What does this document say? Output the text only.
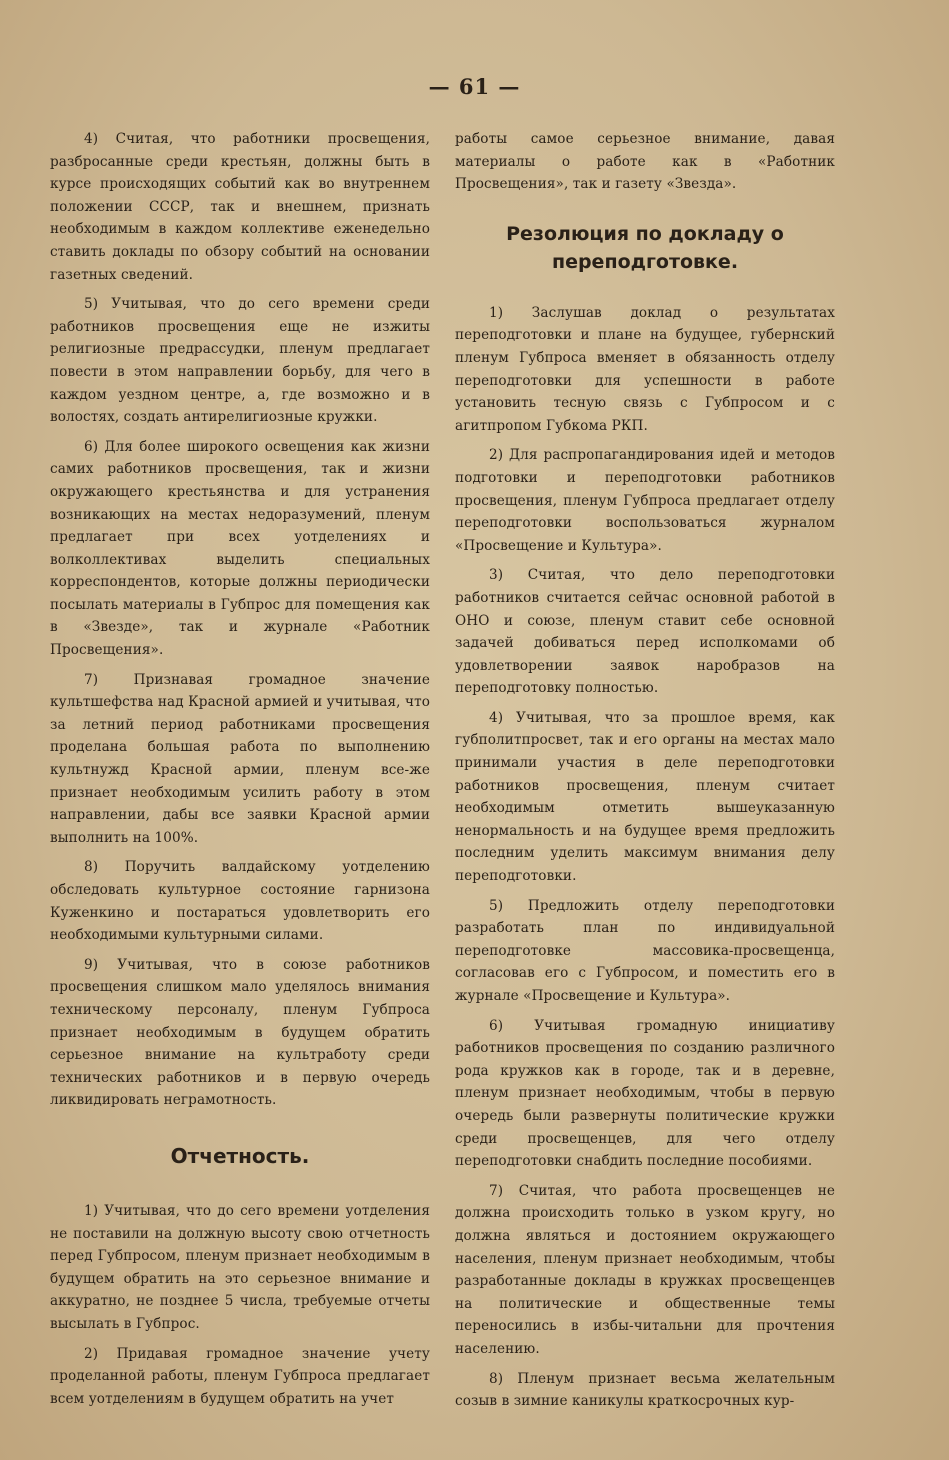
— 61 —

4) Считая, что работники просвещения, разбросанные среди крестьян, должны быть в курсе происходящих событий как во внутреннем положении СССР, так и внешнем, признать необходимым в каждом коллективе еженедельно ставить доклады по обзору событий на основании газетных сведений.

5) Учитывая, что до сего времени среди работников просвещения еще не изжиты религиозные предрассудки, пленум предлагает повести в этом направлении борьбу, для чего в каждом уездном центре, а, где возможно и в волостях, создать антирелигиозные кружки.

6) Для более широкого освещения как жизни самих работников просвещения, так и жизни окружающего крестьянства и для устранения возникающих на местах недоразумений, пленум предлагает при всех уотделениях и волколлективах выделить специальных корреспондентов, которые должны периодически посылать материалы в Губпрос для помещения как в «Звезде», так и журнале «Работник Просвещения».

7) Признавая громадное значение культшефства над Красной армией и учитывая, что за летний период работниками просвещения проделана большая работа по выполнению культнужд Красной армии, пленум все-же признает необходимым усилить работу в этом направлении, дабы все заявки Красной армии выполнить на 100%.

8) Поручить валдайскому уотделению обследовать культурное состояние гарнизона Куженкино и постараться удовлетворить его необходимыми культурными силами.

9) Учитывая, что в союзе работников просвещения слишком мало уделялось внимания техническому персоналу, пленум Губпроса признает необходимым в будущем обратить серьезное внимание на культработу среди технических работников и в первую очередь ликвидировать неграмотность.

Отчетность.

1) Учитывая, что до сего времени уотделения не поставили на должную высоту свою отчетность перед Губпросом, пленум признает необходимым в будущем обратить на это серьезное внимание и аккуратно, не позднее 5 числа, требуемые отчеты высылать в Губпрос.

2) Придавая громадное значение учету проделанной работы, пленум Губпроса предлагает всем уотделениям в будущем обратить на учет

работы самое серьезное внимание, давая материалы о работе как в «Работник Просвещения», так и газету «Звезда».

Резолюция по докладу о переподготовке.

1) Заслушав доклад о результатах переподготовки и плане на будущее, губернский пленум Губпроса вменяет в обязанность отделу переподготовки для успешности в работе установить тесную связь с Губпросом и с агитпропом Губкома РКП.

2) Для распропагандирования идей и методов подготовки и переподготовки работников просвещения, пленум Губпроса предлагает отделу переподготовки воспользоваться журналом «Просвещение и Культура».

3) Считая, что дело переподготовки работников считается сейчас основной работой в ОНО и союзе, пленум ставит себе основной задачей добиваться перед исполкомами об удовлетворении заявок наробразов на переподготовку полностью.

4) Учитывая, что за прошлое время, как губполитпросвет, так и его органы на местах мало принимали участия в деле переподготовки работников просвещения, пленум считает необходимым отметить вышеуказанную ненормальность и на будущее время предложить последним уделить максимум внимания делу переподготовки.

5) Предложить отделу переподготовки разработать план по индивидуальной переподготовке массовика-просвещенца, согласовав его с Губпросом, и поместить его в журнале «Просвещение и Культура».

6) Учитывая громадную инициативу работников просвещения по созданию различного рода кружков как в городе, так и в деревне, пленум признает необходимым, чтобы в первую очередь были развернуты политические кружки среди просвещенцев, для чего отделу переподготовки снабдить последние пособиями.

7) Считая, что работа просвещенцев не должна происходить только в узком кругу, но должна являться и достоянием окружающего населения, пленум признает необходимым, чтобы разработанные доклады в кружках просвещенцев на политические и общественные темы переносились в избы-читальни для прочтения населению.

8) Пленум признает весьма желательным созыв в зимние каникулы краткосрочных кур-
